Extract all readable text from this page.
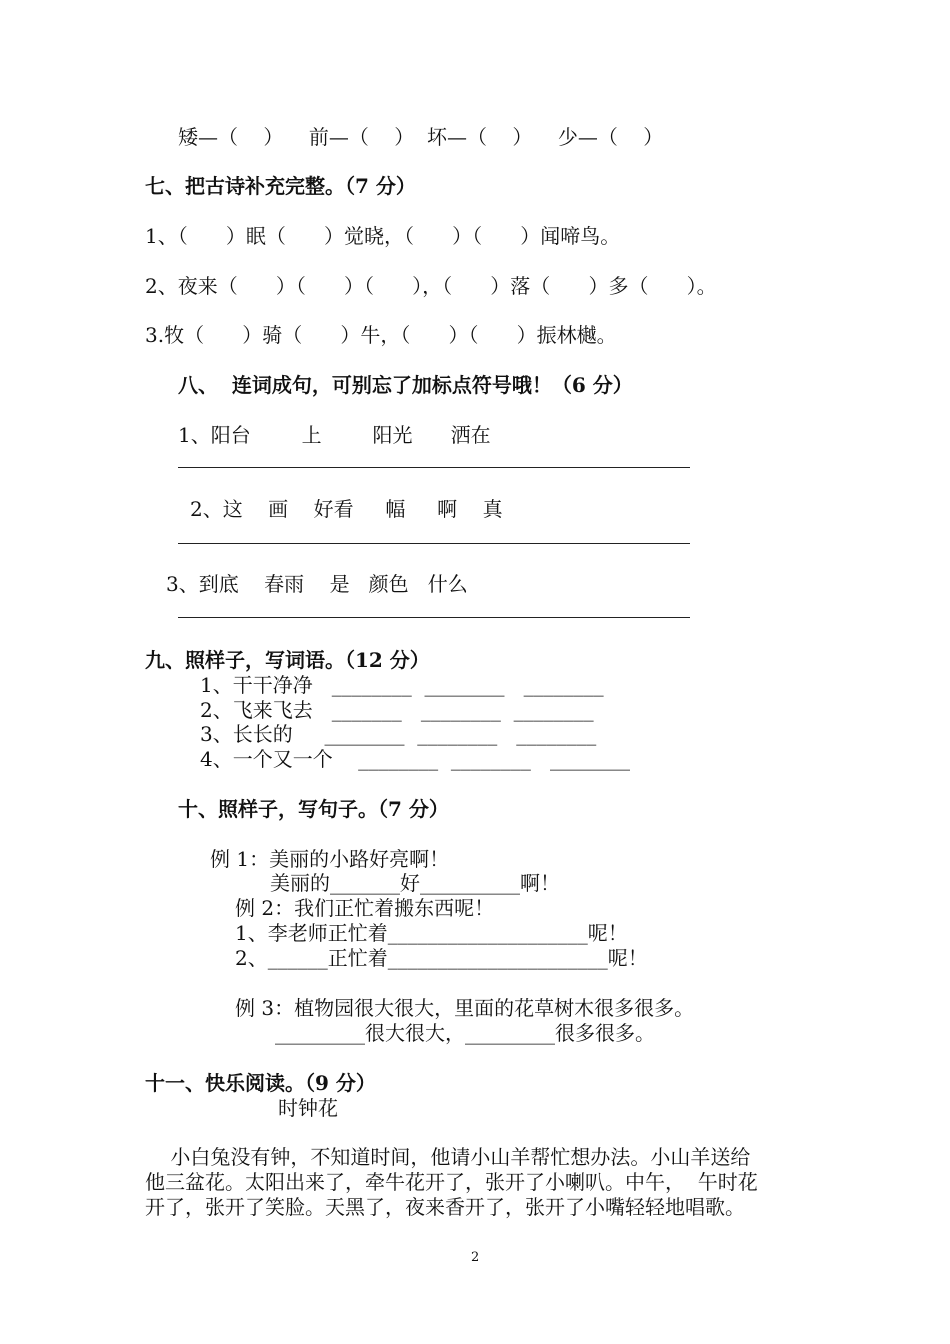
矮—（    ）    前—（    ）  坏—（    ）    少—（    ）
七、把古诗补充完整。（7 分）
1、（      ）眠（      ）觉晓，（      ）（      ）闻啼鸟。
2、夜来（      ）（      ）（      ），（      ）落（      ）多（      ）。
3.牧（      ）骑（      ）牛，（      ）（      ）振林樾。
八、  连词成句，可别忘了加标点符号哦！（6 分）
1、阳台        上        阳光      洒在
2、这    画    好看     幅     啊    真
3、到底    春雨    是   颜色   什么
九、照样子，写词语。（12 分）
1、干干净净   ________  ________   ________
2、飞来飞去   _______   ________  ________
3、长长的     ________  ________   ________
4、一个又一个    ________  ________   ________
十、照样子，写句子。（7 分）
例 1：美丽的小路好亮啊！
美丽的_______好__________啊！
例 2：我们正忙着搬东西呢！
1、李老师正忙着____________________呢！
2、______正忙着______________________呢！
例 3：植物园很大很大，里面的花草树木很多很多。
_________很大很大，_________很多很多。
十一、快乐阅读。（9 分）
时钟花
小白兔没有钟，不知道时间，他请小山羊帮忙想办法。小山羊送给
他三盆花。太阳出来了，牵牛花开了，张开了小喇叭。中午，  午时花
开了，张开了笑脸。天黑了，夜来香开了，张开了小嘴轻轻地唱歌。
2
